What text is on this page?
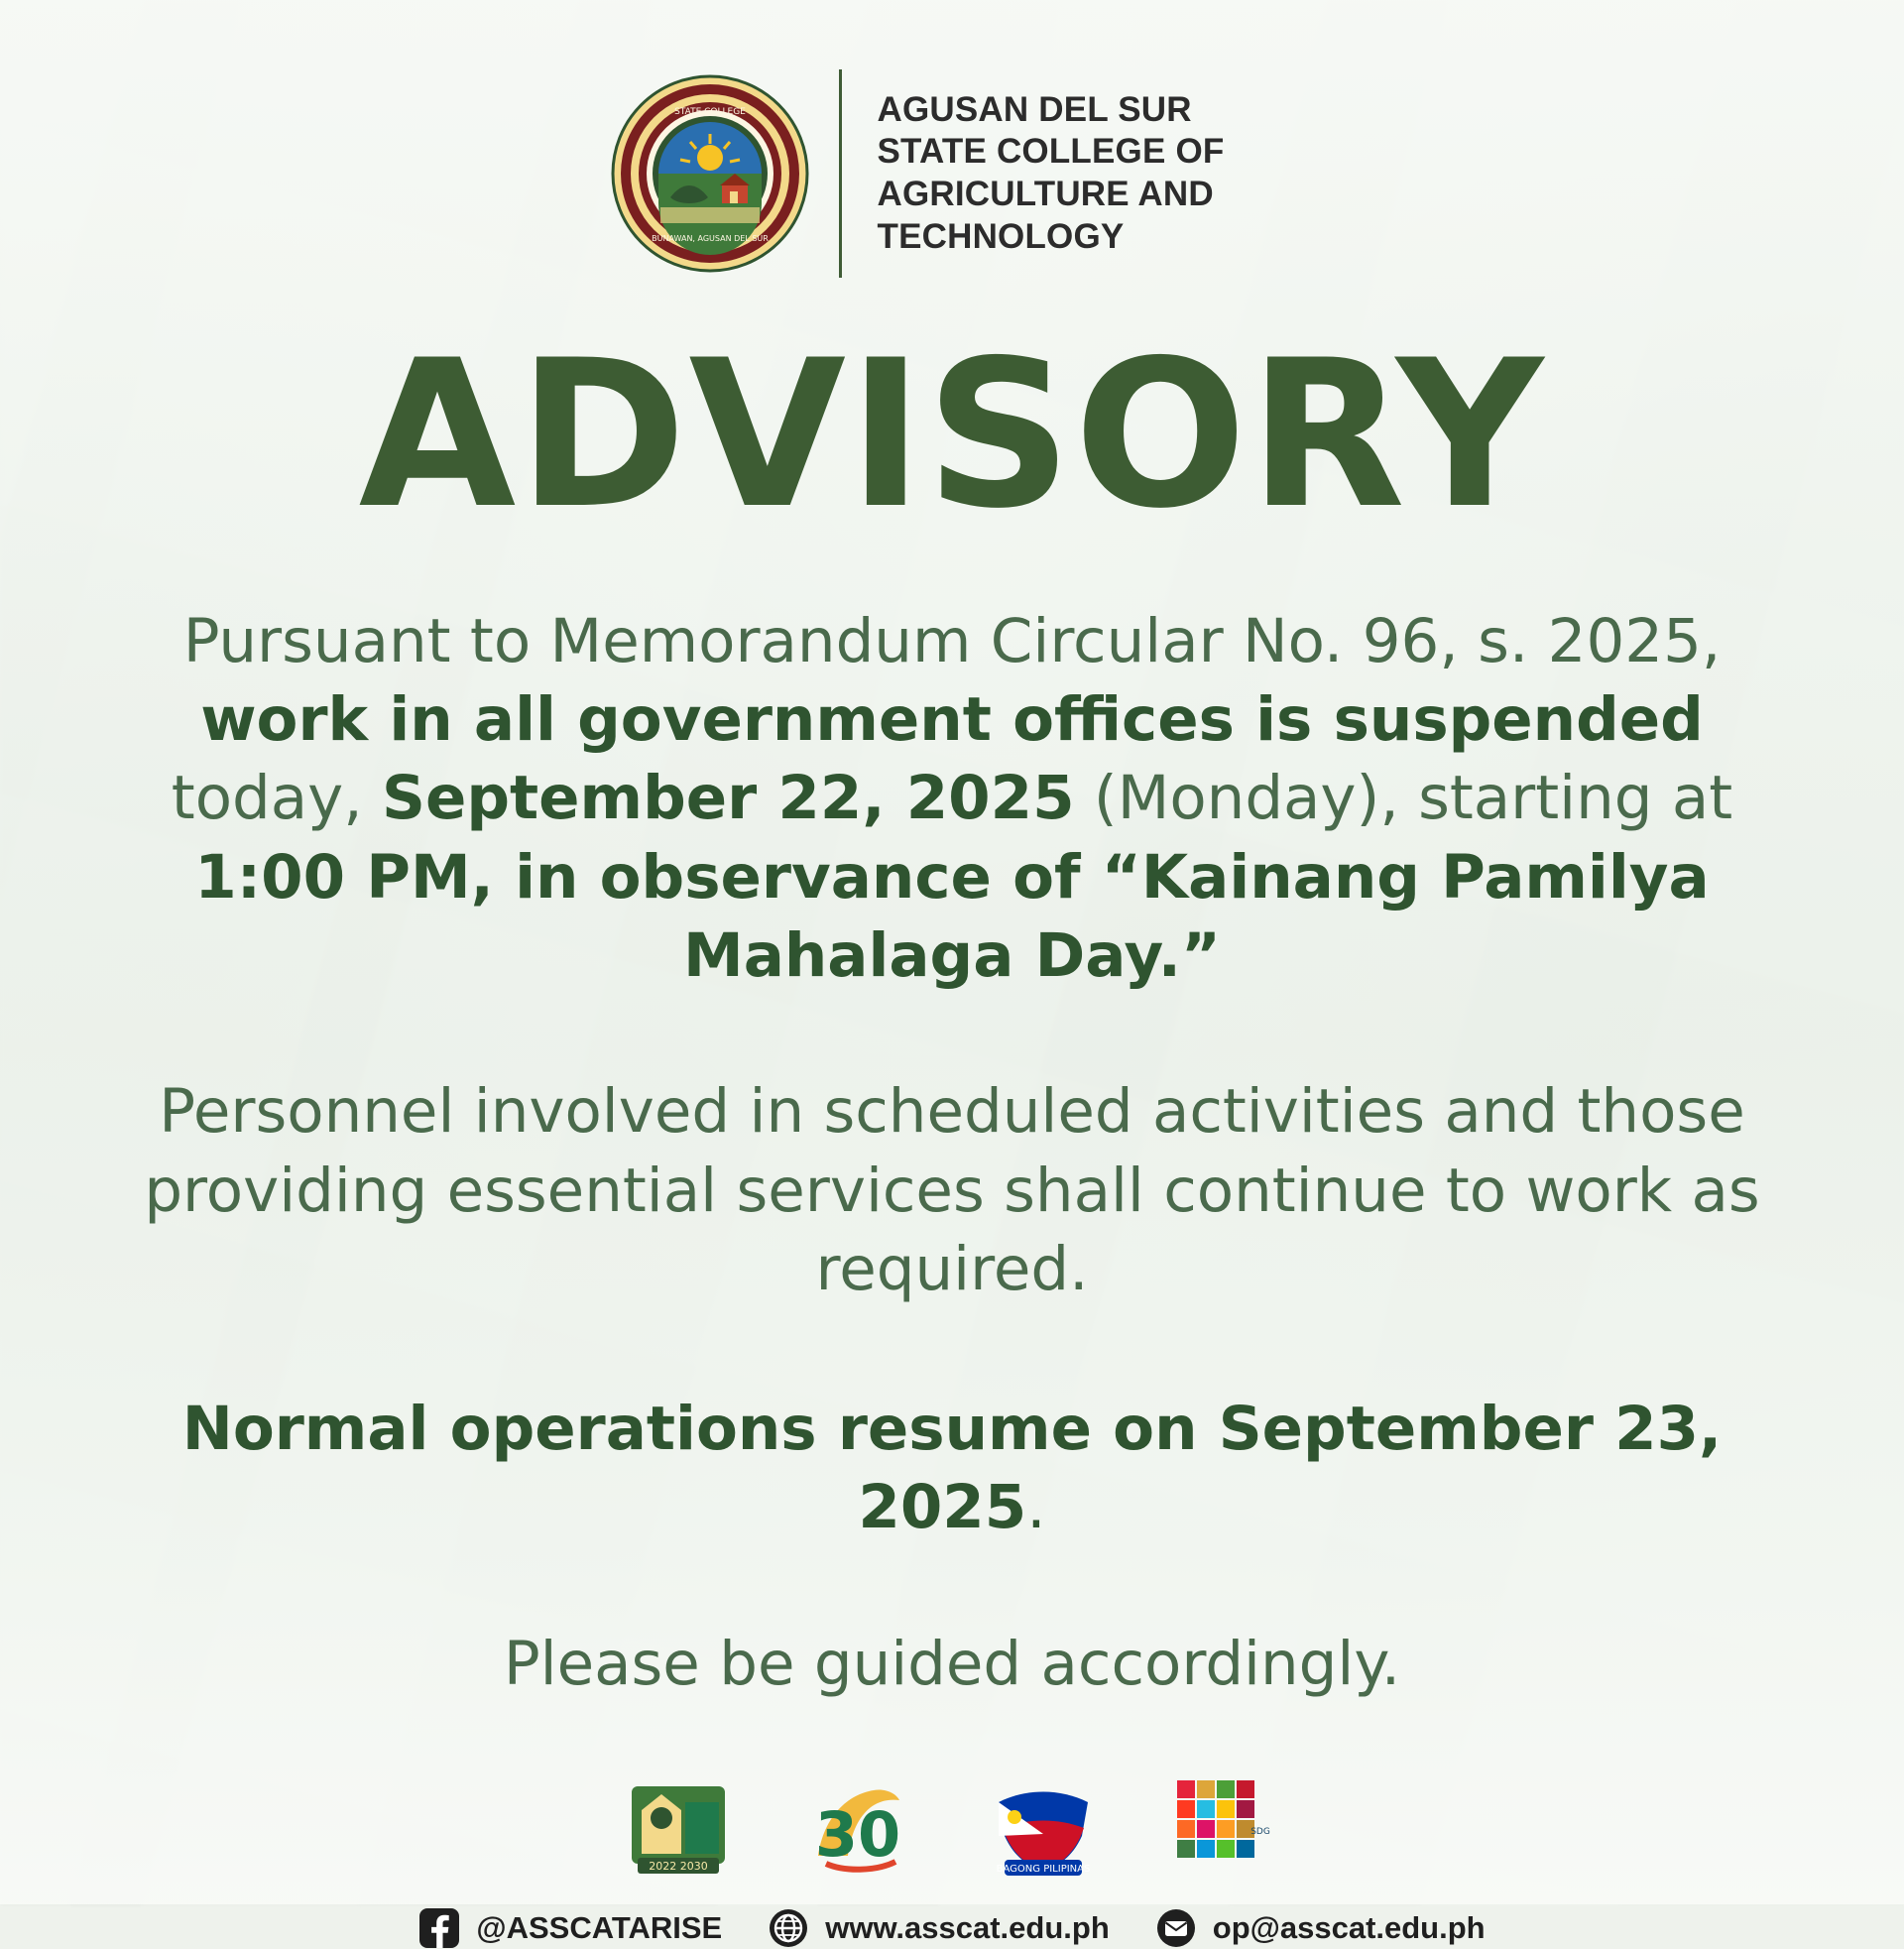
STATE COLLEGE
BUNAWAN, AGUSAN DEL SUR
AGUSAN DEL SUR STATE COLLEGE OF AGRICULTURE AND TECHNOLOGY
ADVISORY
Pursuant to Memorandum Circular No. 96, s. 2025, work in all government offices is suspended today, September 22, 2025 (Monday), starting at 1:00 PM, in observance of “Kainang Pamilya Mahalaga Day.”
Personnel involved in scheduled activities and those providing essential services shall continue to work as required.
Normal operations resume on September 23, 2025.
Please be guided accordingly.
2022 2030 30	BAGONG PILIPINAS
SDG
@ASSCATARISE	www.asscat.edu.ph	op@asscat.edu.ph
